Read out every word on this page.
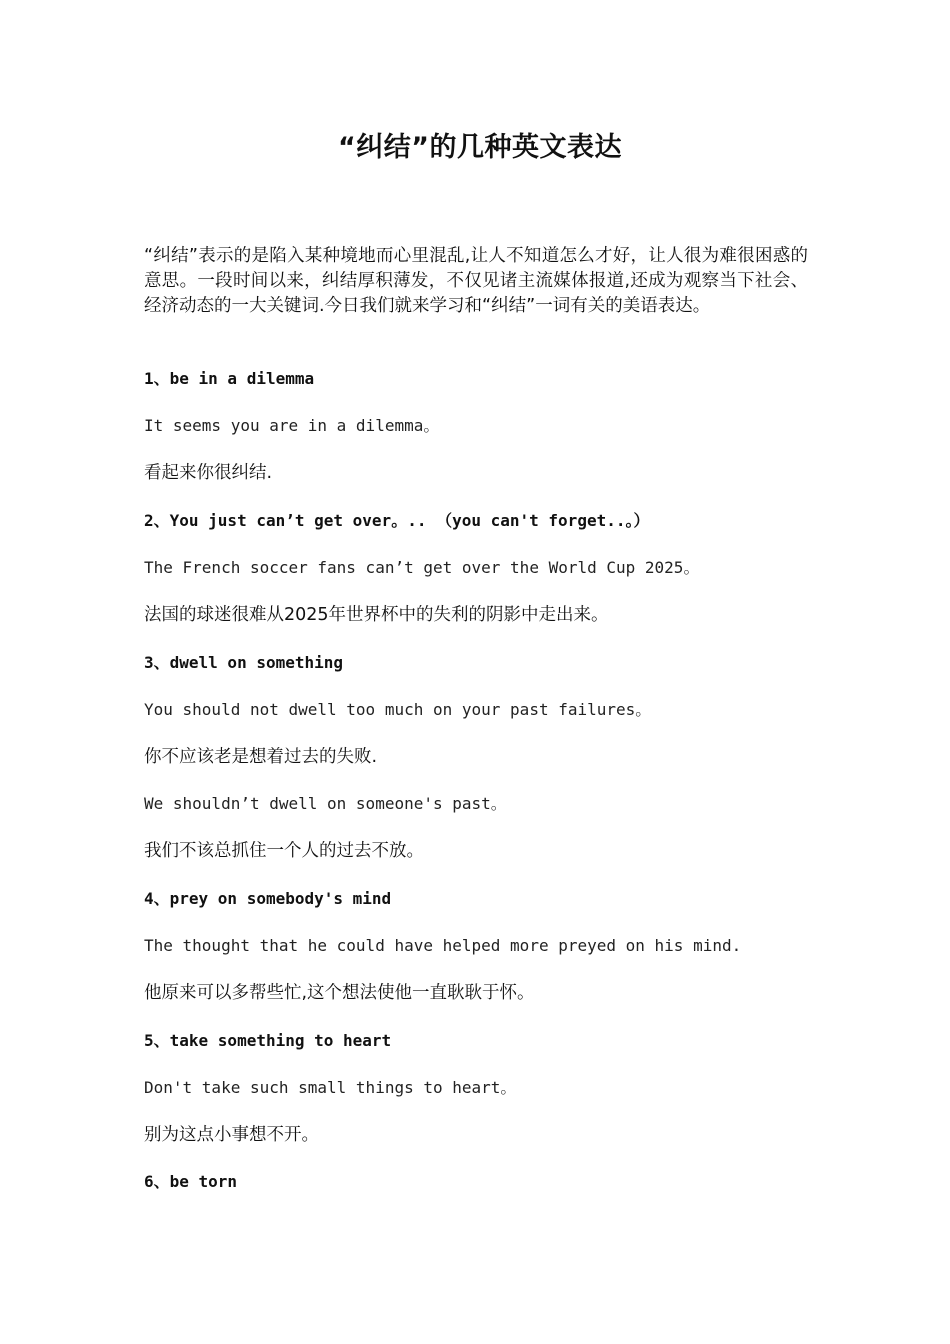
“纠结”的几种英文表达

“纠结”表示的是陷入某种境地而心里混乱,让人不知道怎么才好，让人很为难很困惑的意思。一段时间以来，纠结厚积薄发，不仅见诸主流媒体报道,还成为观察当下社会、经济动态的一大关键词.今日我们就来学习和“纠结”一词有关的美语表达。

1、be in a dilemma

It seems you are in a dilemma。

看起来你很纠结.

2、You just can’t get over。.. （you can't forget..。）

The French soccer fans can’t get over the World Cup 2025。

法国的球迷很难从2025年世界杯中的失利的阴影中走出来。

3、dwell on something

You should not dwell too much on your past failures。

你不应该老是想着过去的失败.

We shouldn’t dwell on someone's past。

我们不该总抓住一个人的过去不放。

4、prey on somebody's mind

The thought that he could have helped more preyed on his mind.

他原来可以多帮些忙,这个想法使他一直耿耿于怀。

5、take something to heart

Don't take such small things to heart。

别为这点小事想不开。

6、be torn
